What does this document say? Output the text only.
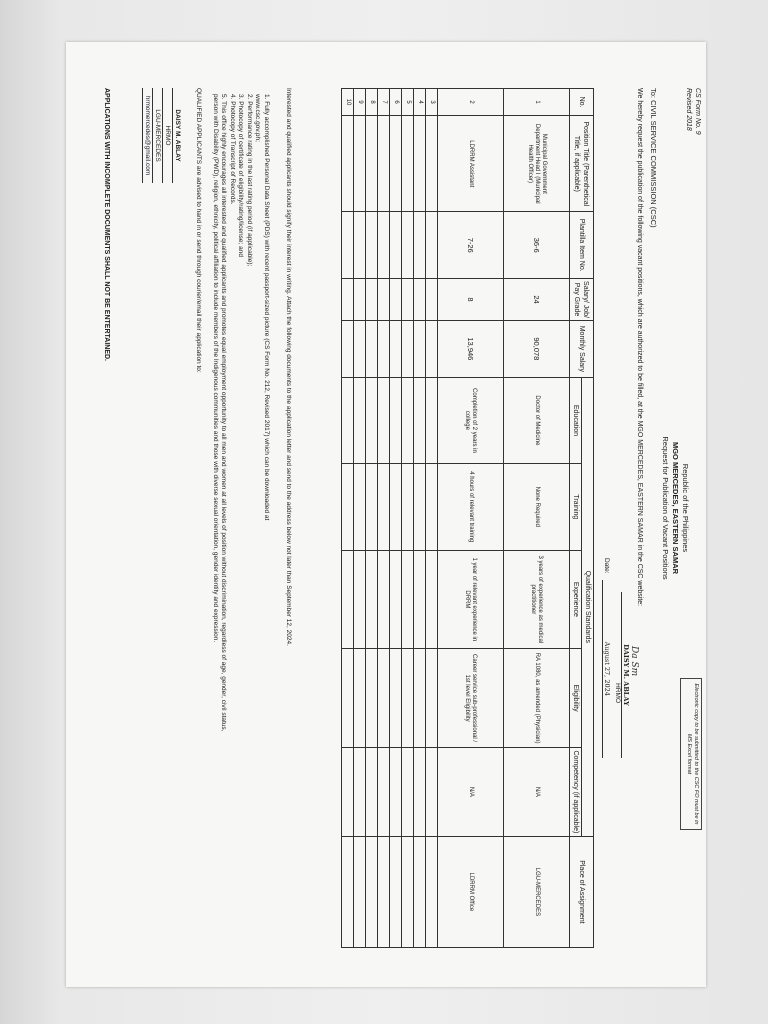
CS Form No. 9
Revised 2018
Electronic copy to be submitted to the CSC FO must be in MS Excel format
Republic of the Philippines
MGO MERCEDES, EASTERN SAMAR
Request for Publication of Vacant Positions
To: CIVIL SERVICE COMMISSION (CSC)
We hereby request the publication of the following vacant positions, which are authorized to be filled, at the MGO MERCEDES, EASTERN SAMAR in the CSC website:
Da Sm
DAISY M. ABLAY
HRMO
Date:
August 27, 2024
No.	Position Title (Parenthetical Title, if applicable)	Plantilla Item No.	Salary/ Job/ Pay Grade	Monthly Salary	Qualification Standards					Place of Assignment
					Education	Training	Experience	Eligibility	Competency (if applicable)	
1	Municipal Government Department Head I (Municipal Health Officer)	36-6	24	90,078	Doctor of Medicine	None Required	3 years of experience as medical practitioner	RA 1080, as amended (Physician)	N/A	LGU-MERCEDES
2	LDRRM Assistant	7-26	8	13,946	Completion of 2 years in college	4 hours of relevant training	1 year of relevant experience in DRRM	Career service sub-professional / 1st level Eligibility	N/A	LDRRM Office
3										
4										
5										
6										
7										
8										
9										
10										
Interested and qualified applicants should signify their interest in writing. Attach the following documents to the application letter and send to the address below not later than September 12, 2024.
1. Fully accomplished Personal Data Sheet (PDS) with recent passport-sized picture (CS Form No. 212, Revised 2017) which can be downloaded at
www.csc.gov.ph;
2. Performance rating in the last rating period (if applicable);
3. Photocopy of certificate of eligibility/rating/license; and
4. Photocopy of Transcript of Records.
5. This office highly encourages all interested and qualified applicants and promotes equal employment opportunity to all men and women at all levels of position without discrimination, regardless of age, gender, civil status,
person with Disability (PWD), religion, ethnicity, political affiliation to include members of the Indigenous communities and those with diverse sexual orientation, gender identity and expression.
QUALIFIED APPLICANTS are advised to hand in or send through courier/email their application to:
DAISY M. ABLAY
HRMO
LGU-MERCEDES
hrmomercedes@gmail.com
APPLICATIONS WITH INCOMPLETE DOCUMENTS SHALL NOT BE ENTERTAINED.
